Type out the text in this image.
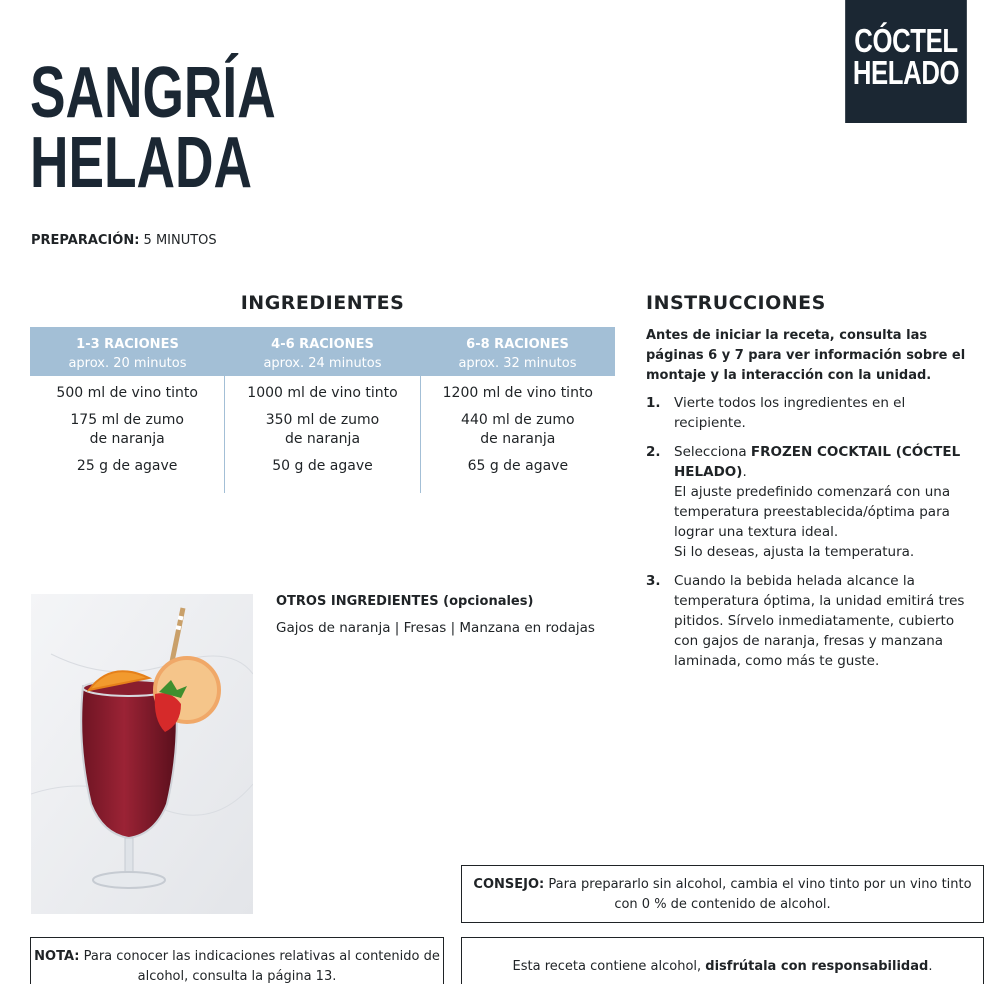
CÓCTEL
HELADO
SANGRÍA
HELADA
PREPARACIÓN: 5 MINUTOS
INGREDIENTES
1-3 RACIONES
aprox. 20 minutos
4-6 RACIONES
aprox. 24 minutos
6-8 RACIONES
aprox. 32 minutos
500 ml de vino tinto
175 ml de zumo
de naranja
25 g de agave
1000 ml de vino tinto
350 ml de zumo
de naranja
50 g de agave
1200 ml de vino tinto
440 ml de zumo
de naranja
65 g de agave
INSTRUCCIONES
Antes de iniciar la receta, consulta las páginas 6 y 7 para ver información sobre el montaje y la interacción con la unidad.
1. Vierte todos los ingredientes en el recipiente.
2. Selecciona FROZEN COCKTAIL (CÓCTEL HELADO).
El ajuste predefinido comenzará con una temperatura preestablecida/óptima para lograr una textura ideal.
Si lo deseas, ajusta la temperatura.
3. Cuando la bebida helada alcance la temperatura óptima, la unidad emitirá tres pitidos. Sírvelo inmediatamente, cubierto con gajos de naranja, fresas y manzana laminada, como más te guste.
OTROS INGREDIENTES (opcionales)
Gajos de naranja | Fresas | Manzana en rodajas
CONSEJO: Para prepararlo sin alcohol, cambia el vino tinto por un vino tinto con 0 % de contenido de alcohol.
NOTA: Para conocer las indicaciones relativas al contenido de alcohol, consulta la página 13.
Esta receta contiene alcohol, disfrútala con responsabilidad.
